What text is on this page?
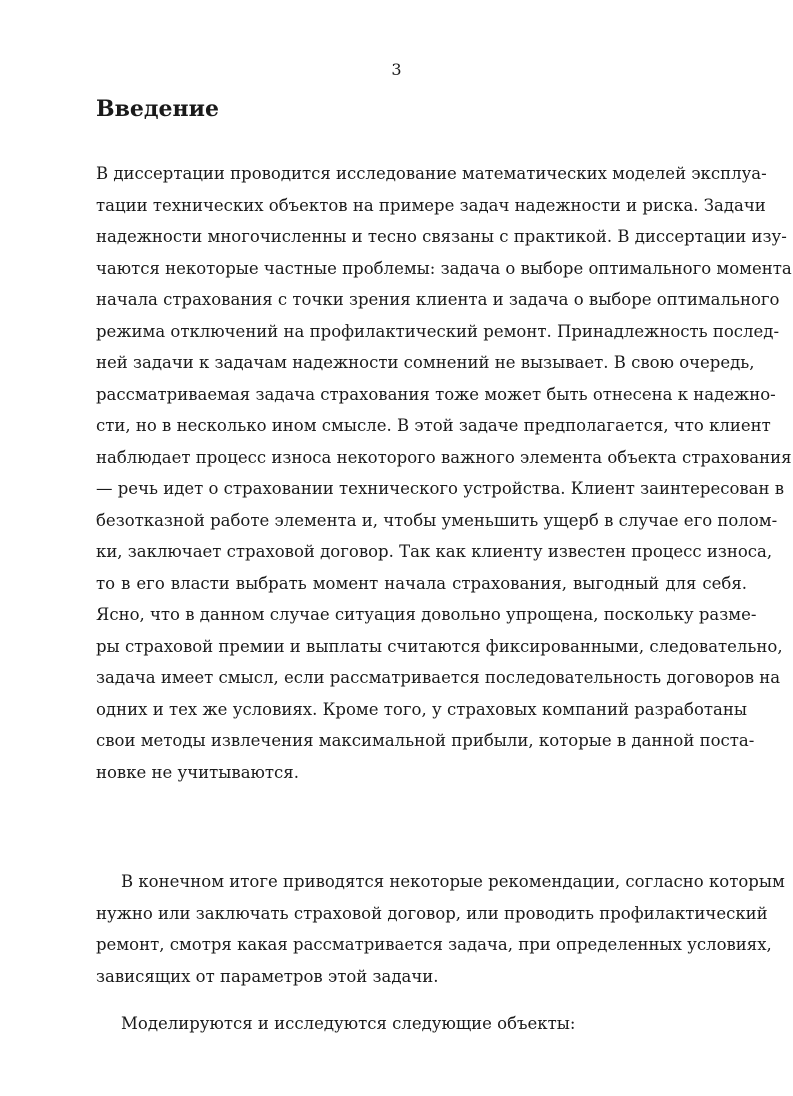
3
Введение
В диссертации проводится исследование математических моделей эксплуа-
тации технических объектов на примере задач надежности и риска. Задачи
надежности многочисленны и тесно связаны с практикой. В диссертации изу-
чаются некоторые частные проблемы: задача о выборе оптимального момента
начала страхования с точки зрения клиента и задача о выборе оптимального
режима отключений на профилактический ремонт. Принадлежность послед-
ней задачи к задачам надежности сомнений не вызывает. В свою очередь,
рассматриваемая задача страхования тоже может быть отнесена к надежно-
сти, но в несколько ином смысле. В этой задаче предполагается, что клиент
наблюдает процесс износа некоторого важного элемента объекта страхования
— речь идет о страховании технического устройства. Клиент заинтересован в
безотказной работе элемента и, чтобы уменьшить ущерб в случае его полом-
ки, заключает страховой договор. Так как клиенту известен процесс износа,
то в его власти выбрать момент начала страхования, выгодный для себя.
Ясно, что в данном случае ситуация довольно упрощена, поскольку разме-
ры страховой премии и выплаты считаются фиксированными, следовательно,
задача имеет смысл, если рассматривается последовательность договоров на
одних и тех же условиях. Кроме того, у страховых компаний разработаны
свои методы извлечения максимальной прибыли, которые в данной поста-
новке не учитываются.
В конечном итоге приводятся некоторые рекомендации, согласно которым
нужно или заключать страховой договор, или проводить профилактический
ремонт, смотря какая рассматривается задача, при определенных условиях,
зависящих от параметров этой задачи.
Моделируются и исследуются следующие объекты:
